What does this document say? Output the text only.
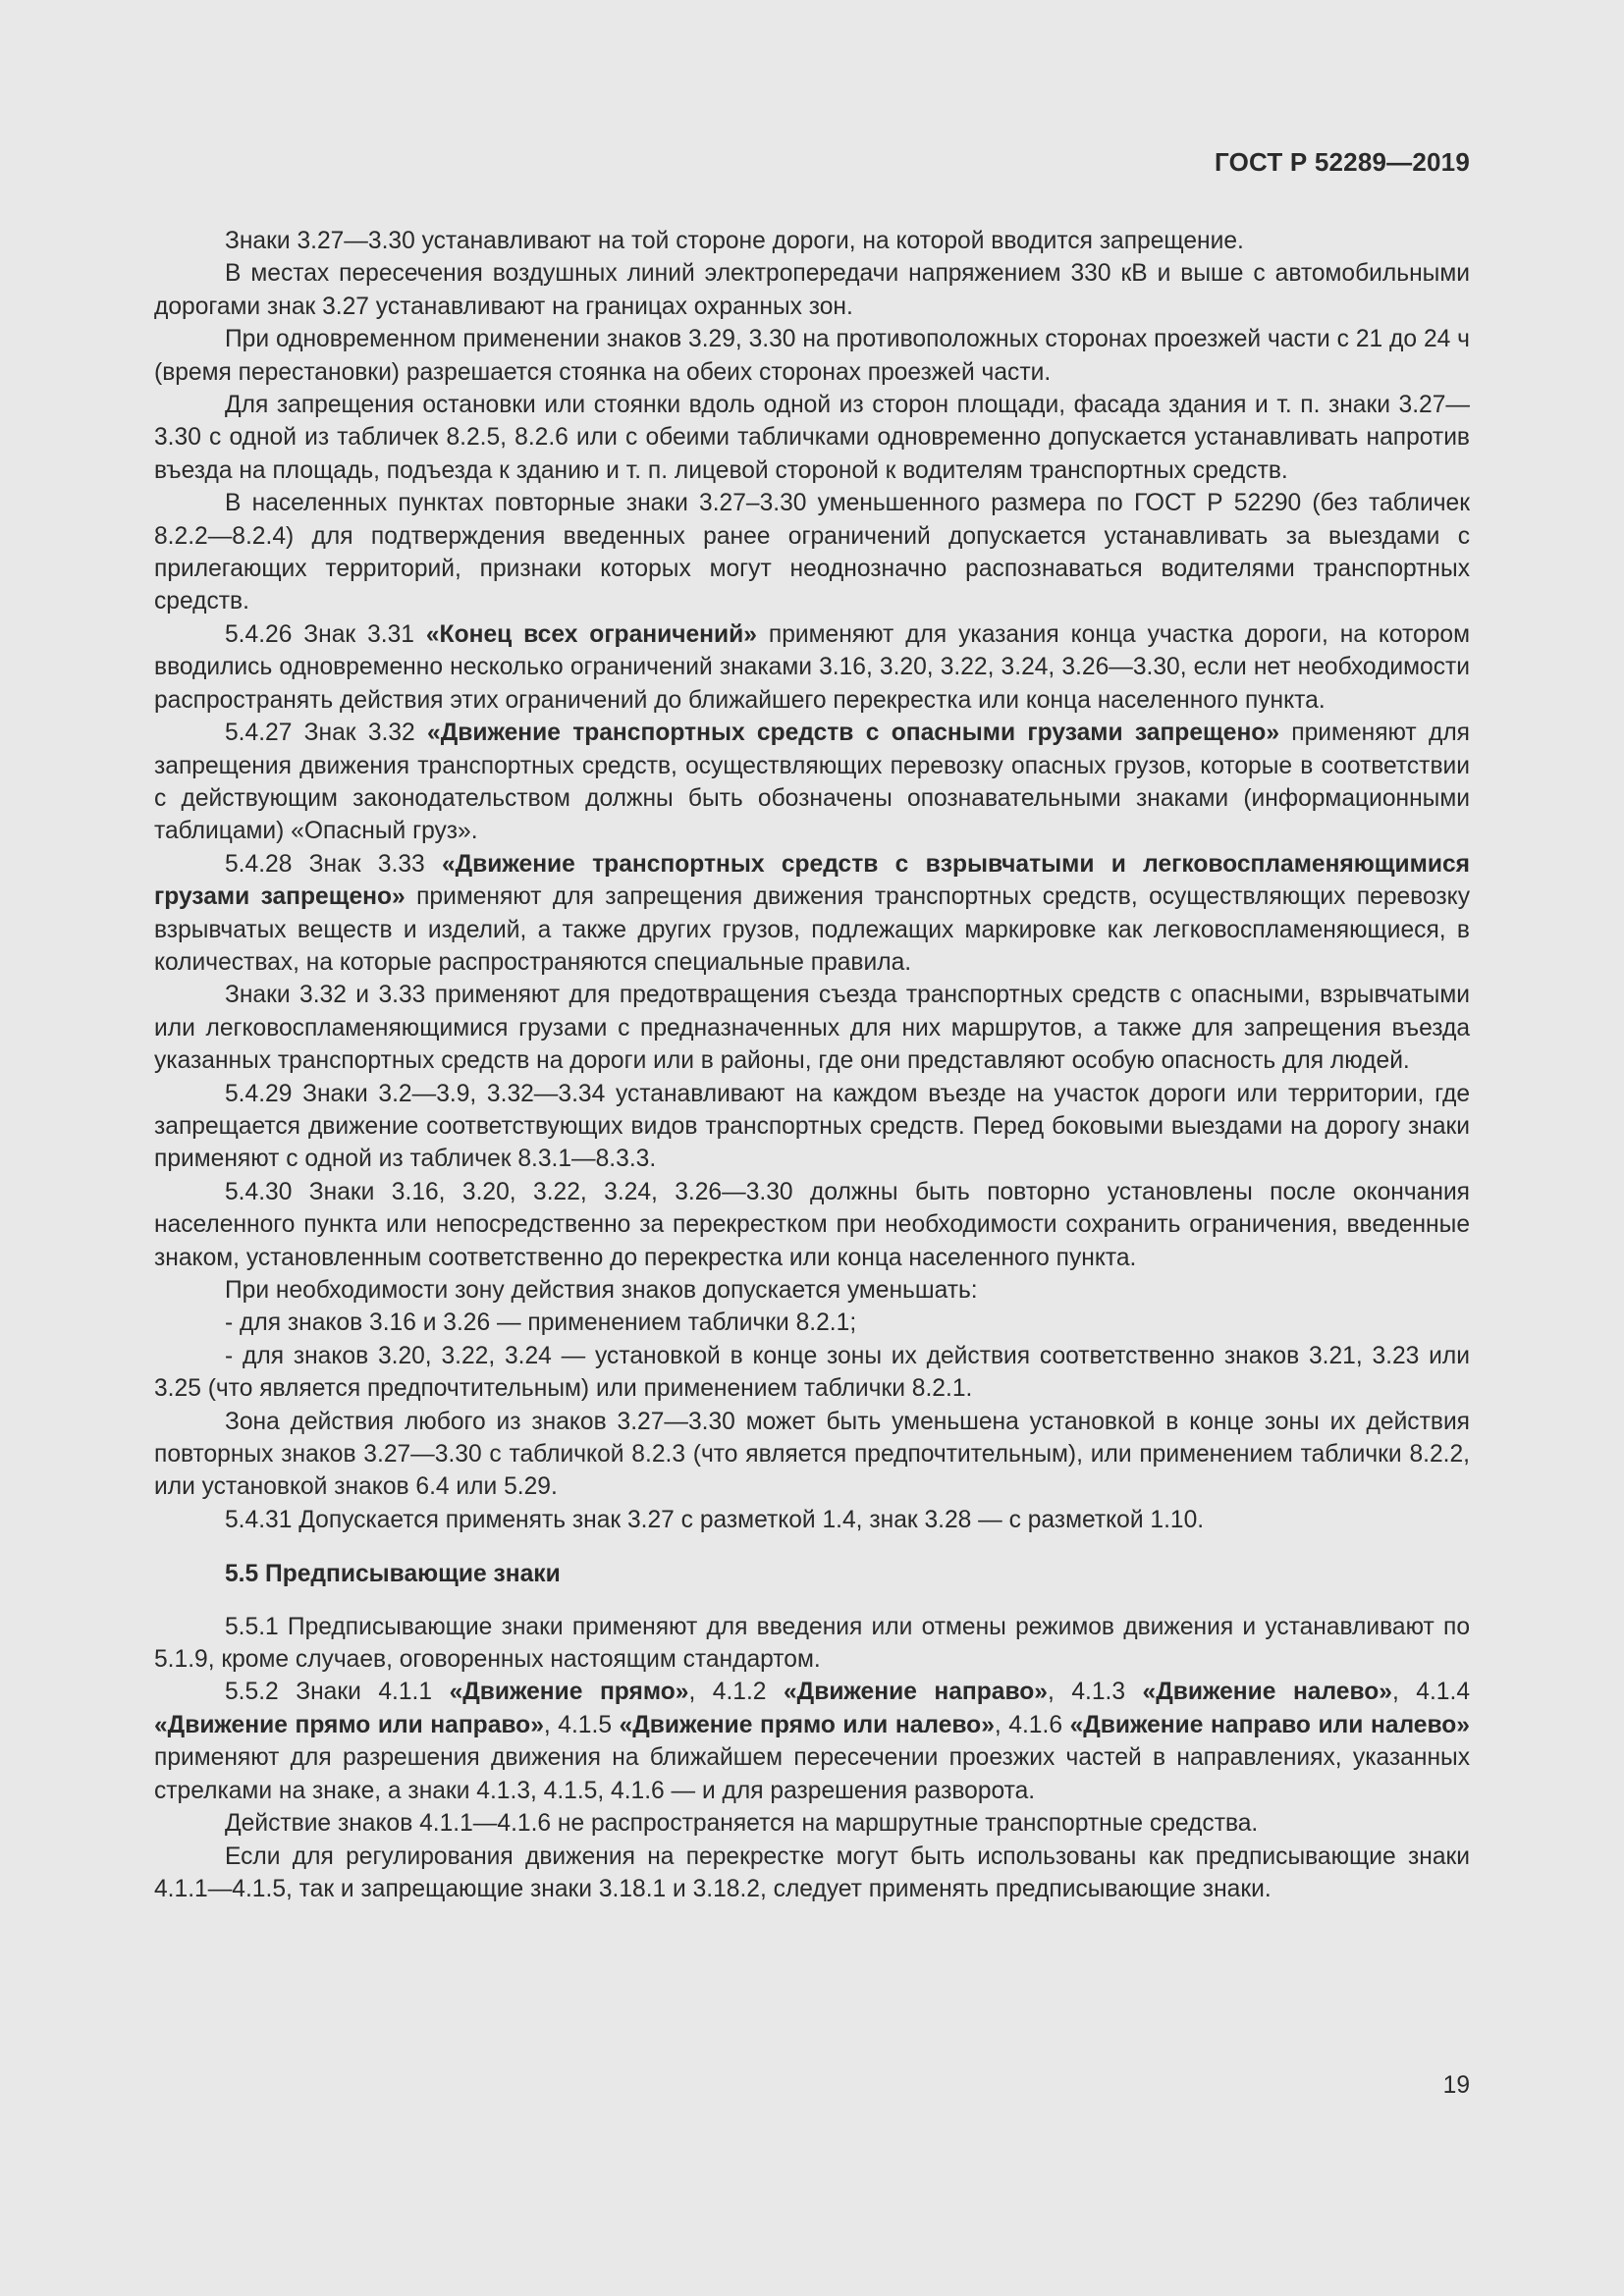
ГОСТ Р 52289—2019

Знаки 3.27—3.30 устанавливают на той стороне дороги, на которой вводится запрещение.

В местах пересечения воздушных линий электропередачи напряжением 330 кВ и выше с автомобильными дорогами знак 3.27 устанавливают на границах охранных зон.

При одновременном применении знаков 3.29, 3.30 на противоположных сторонах проезжей части с 21 до 24 ч (время перестановки) разрешается стоянка на обеих сторонах проезжей части.

Для запрещения остановки или стоянки вдоль одной из сторон площади, фасада здания и т. п. знаки 3.27—3.30 с одной из табличек 8.2.5, 8.2.6 или с обеими табличками одновременно допускается устанавливать напротив въезда на площадь, подъезда к зданию и т. п. лицевой стороной к водителям транспортных средств.

В населенных пунктах повторные знаки 3.27–3.30 уменьшенного размера по ГОСТ Р 52290 (без табличек 8.2.2—8.2.4) для подтверждения введенных ранее ограничений допускается устанавливать за выездами с прилегающих территорий, признаки которых могут неоднозначно распознаваться водителями транспортных средств.

5.4.26 Знак 3.31 «Конец всех ограничений» применяют для указания конца участка дороги, на котором вводились одновременно несколько ограничений знаками 3.16, 3.20, 3.22, 3.24, 3.26—3.30, если нет необходимости распространять действия этих ограничений до ближайшего перекрестка или конца населенного пункта.

5.4.27 Знак 3.32 «Движение транспортных средств с опасными грузами запрещено» применяют для запрещения движения транспортных средств, осуществляющих перевозку опасных грузов, которые в соответствии с действующим законодательством должны быть обозначены опознавательными знаками (информационными таблицами) «Опасный груз».

5.4.28 Знак 3.33 «Движение транспортных средств с взрывчатыми и легковоспламеняющимися грузами запрещено» применяют для запрещения движения транспортных средств, осуществляющих перевозку взрывчатых веществ и изделий, а также других грузов, подлежащих маркировке как легковоспламеняющиеся, в количествах, на которые распространяются специальные правила.

Знаки 3.32 и 3.33 применяют для предотвращения съезда транспортных средств с опасными, взрывчатыми или легковоспламеняющимися грузами с предназначенных для них маршрутов, а также для запрещения въезда указанных транспортных средств на дороги или в районы, где они представляют особую опасность для людей.

5.4.29 Знаки 3.2—3.9, 3.32—3.34 устанавливают на каждом въезде на участок дороги или территории, где запрещается движение соответствующих видов транспортных средств. Перед боковыми выездами на дорогу знаки применяют с одной из табличек 8.3.1—8.3.3.

5.4.30 Знаки 3.16, 3.20, 3.22, 3.24, 3.26—3.30 должны быть повторно установлены после окончания населенного пункта или непосредственно за перекрестком при необходимости сохранить ограничения, введенные знаком, установленным соответственно до перекрестка или конца населенного пункта.

При необходимости зону действия знаков допускается уменьшать:

- для знаков 3.16 и 3.26 — применением таблички 8.2.1;

- для знаков 3.20, 3.22, 3.24 — установкой в конце зоны их действия соответственно знаков 3.21, 3.23 или 3.25 (что является предпочтительным) или применением таблички 8.2.1.

Зона действия любого из знаков 3.27—3.30 может быть уменьшена установкой в конце зоны их действия повторных знаков 3.27—3.30 с табличкой 8.2.3 (что является предпочтительным), или применением таблички 8.2.2, или установкой знаков 6.4 или 5.29.

5.4.31 Допускается применять знак 3.27 с разметкой 1.4, знак 3.28 — с разметкой 1.10.

5.5 Предписывающие знаки

5.5.1 Предписывающие знаки применяют для введения или отмены режимов движения и устанавливают по 5.1.9, кроме случаев, оговоренных настоящим стандартом.

5.5.2 Знаки 4.1.1 «Движение прямо», 4.1.2 «Движение направо», 4.1.3 «Движение налево», 4.1.4 «Движение прямо или направо», 4.1.5 «Движение прямо или налево», 4.1.6 «Движение направо или налево» применяют для разрешения движения на ближайшем пересечении проезжих частей в направлениях, указанных стрелками на знаке, а знаки 4.1.3, 4.1.5, 4.1.6 — и для разрешения разворота.

Действие знаков 4.1.1—4.1.6 не распространяется на маршрутные транспортные средства.

Если для регулирования движения на перекрестке могут быть использованы как предписывающие знаки 4.1.1—4.1.5, так и запрещающие знаки 3.18.1 и 3.18.2, следует применять предписывающие знаки.

19
